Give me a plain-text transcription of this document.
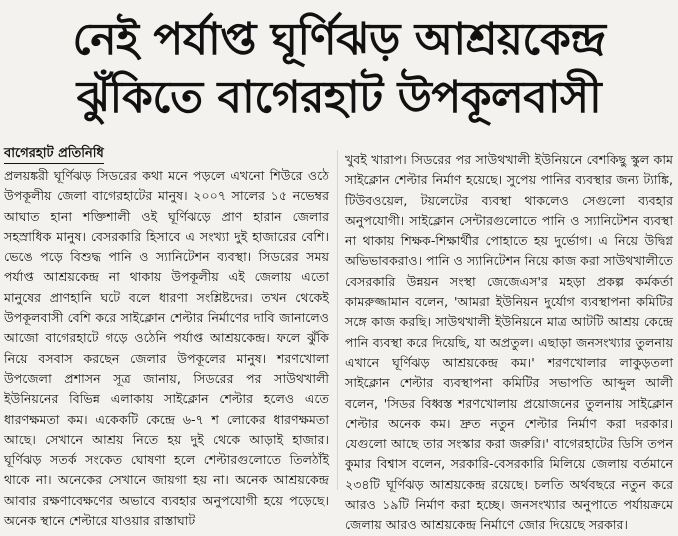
নেই পর্যাপ্ত ঘূর্ণিঝড় আশ্রয়কেন্দ্র
ঝুঁকিতে বাগেরহাট উপকূলবাসী
বাগেরহাট প্রতিনিধি
প্রলয়ঙ্করী ঘূর্ণিঝড় সিডরের কথা মনে পড়লে এখনো শিউরে ওঠে উপকূলীয় জেলা বাগেরহাটের মানুষ। ২০০৭ সালের ১৫ নভেম্বর আঘাত হানা শক্তিশালী ওই ঘূর্ণিঝড়ে প্রাণ হারান জেলার সহস্রাধিক মানুষ। বেসরকারি হিসাবে এ সংখ্যা দুই হাজারের বেশি। ভেঙে পড়ে বিশুদ্ধ পানি ও স্যানিটেশন ব্যবস্থা। সিডরের সময় পর্যাপ্ত আশ্রয়কেন্দ্র না থাকায় উপকূলীয় এই জেলায় এতো মানুষের প্রাণহানি ঘটে বলে ধারণা সংশ্লিষ্টদের। তখন থেকেই উপকূলবাসী বেশি করে সাইক্লোন শেল্টার নির্মাণের দাবি জানালেও আজো বাগেরহাটে গড়ে ওঠেনি পর্যাপ্ত আশ্রয়কেন্দ্র। ফলে ঝুঁকি নিয়ে বসবাস করছেন জেলার উপকূলের মানুষ। শরণখোলা উপজেলা প্রশাসন সূত্র জানায়, সিডরের পর সাউথখালী ইউনিয়নের বিভিন্ন এলাকায় সাইক্লোন শেল্টার হলেও এতে ধারণক্ষমতা কম। একেকটি কেন্দ্রে ৬-৭ শ লোকের ধারণক্ষমতা আছে। সেখানে আশ্রয় নিতে হয় দুই থেকে আড়াই হাজার। ঘূর্ণিঝড় সতর্ক সংকেত ঘোষণা হলে শেল্টারগুলোতে তিলঠাঁই থাকে না। অনেকের সেখানে জায়গা হয় না। অনেক আশ্রয়কেন্দ্র আবার রক্ষণাবেক্ষণের অভাবে ব্যবহার অনুপযোগী হয়ে পড়েছে। অনেক স্থানে শেল্টারে যাওয়ার রাস্তাঘাট
খুবই খারাপ। সিডরের পর সাউথখালী ইউনিয়নে বেশকিছু স্কুল কাম সাইক্লোন শেল্টার নির্মাণ হয়েছে। সুপেয় পানির ব্যবস্থার জন্য ট্যাঙ্কি, টিউবওয়েল, টয়লেটের ব্যবস্থা থাকলেও সেগুলো ব্যবহার অনুপযোগী। সাইক্লোন সেন্টারগুলোতে পানি ও স্যানিটেশন ব্যবস্থা না থাকায় শিক্ষক-শিক্ষার্থীর পোহাতে হয় দুর্ভোগ। এ নিয়ে উদ্বিগ্ন অভিভাবকরাও। পানি ও স্যানিটেশন নিয়ে কাজ করা সাউথখালীতে বেসরকারি উন্নয়ন সংস্থা জেজেএস'র মহড়া প্রকল্প কর্মকর্তা কামরুজ্জামান বলেন, 'আমরা ইউনিয়ন দুর্যোগ ব্যবস্থাপনা কমিটির সঙ্গে কাজ করছি। সাউথখালী ইউনিয়নে মাত্র আটটি আশ্রয় কেন্দ্রে পানি ব্যবস্থা করে দিয়েছি, যা অপ্রতুল। এছাড়া জনসংখ্যার তুলনায় এখানে ঘূর্ণিঝড় আশ্রয়কেন্দ্র কম।' শরণখোলার লাকুড়তলা সাইক্লোন শেল্টার ব্যবস্থাপনা কমিটির সভাপতি আব্দুল আলী বলেন, 'সিডর বিধ্বস্ত শরণখোলায় প্রয়োজনের তুলনায় সাইক্লোন শেল্টার অনেক কম। দ্রুত নতুন শেল্টার নির্মাণ করা দরকার। যেগুলো আছে তার সংস্কার করা জরুরি।' বাগেরহাটের ডিসি তপন কুমার বিশ্বাস বলেন, সরকারি-বেসরকারি মিলিয়ে জেলায় বর্তমানে ২৩৪টি ঘূর্ণিঝড় আশ্রয়কেন্দ্র রয়েছে। চলতি অর্থবছরে নতুন করে আরও ১৯টি নির্মাণ করা হচ্ছে। জনসংখ্যার অনুপাতে পর্যায়ক্রমে জেলায় আরও আশ্রয়কেন্দ্র নির্মাণে জোর দিয়েছে সরকার।
